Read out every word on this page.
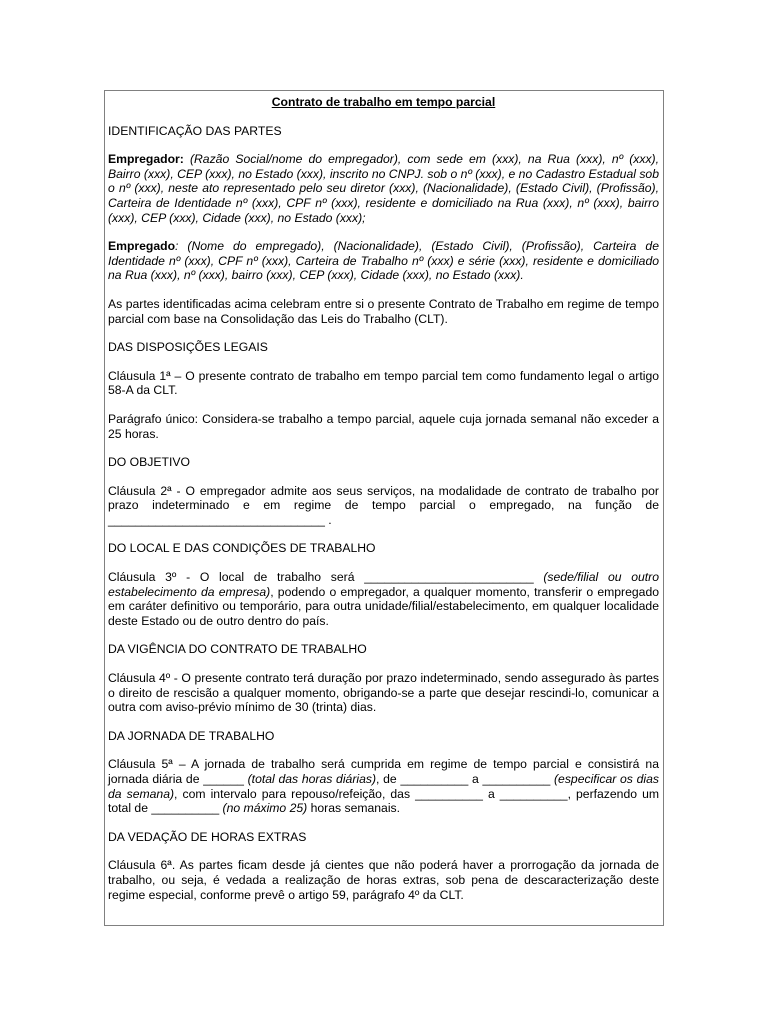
Contrato de trabalho em tempo parcial
IDENTIFICAÇÃO DAS PARTES

Empregador: (Razão Social/nome do empregador), com sede em (xxx), na Rua (xxx), nº (xxx), Bairro (xxx), CEP (xxx), no Estado (xxx), inscrito no CNPJ. sob o nº (xxx), e no Cadastro Estadual sob o nº (xxx), neste ato representado pelo seu diretor (xxx), (Nacionalidade), (Estado Civil), (Profissão), Carteira de Identidade nº (xxx), CPF nº (xxx), residente e domiciliado na Rua (xxx), nº (xxx), bairro (xxx), CEP (xxx), Cidade (xxx), no Estado (xxx);

Empregado: (Nome do empregado), (Nacionalidade), (Estado Civil), (Profissão), Carteira de Identidade nº (xxx), CPF nº (xxx), Carteira de Trabalho nº (xxx) e série (xxx), residente e domiciliado na Rua (xxx), nº (xxx), bairro (xxx), CEP (xxx), Cidade (xxx), no Estado (xxx).

As partes identificadas acima celebram entre si o presente Contrato de Trabalho em regime de tempo parcial com base na Consolidação das Leis do Trabalho (CLT).

DAS DISPOSIÇÕES LEGAIS

Cláusula 1ª – O presente contrato de trabalho em tempo parcial tem como fundamento legal o artigo 58-A da CLT.

Parágrafo único: Considera-se trabalho a tempo parcial, aquele cuja jornada semanal não exceder a 25 horas.

DO OBJETIVO

Cláusula 2ª - O empregador admite aos seus serviços, na modalidade de contrato de trabalho por prazo indeterminado e em regime de tempo parcial o empregado, na função de ________________________________ .

DO LOCAL E DAS CONDIÇÕES DE TRABALHO

Cláusula 3º - O local de trabalho será _________________________ (sede/filial ou outro estabelecimento da empresa), podendo o empregador, a qualquer momento, transferir o empregado em caráter definitivo ou temporário, para outra unidade/filial/estabelecimento, em qualquer localidade deste Estado ou de outro dentro do país.

DA VIGÊNCIA DO CONTRATO DE TRABALHO

Cláusula 4º - O presente contrato terá duração por prazo indeterminado, sendo assegurado às partes o direito de rescisão a qualquer momento, obrigando-se a parte que desejar rescindi-lo, comunicar a outra com aviso-prévio mínimo de 30 (trinta) dias.

DA JORNADA DE TRABALHO

Cláusula 5ª – A jornada de trabalho será cumprida em regime de tempo parcial e consistirá na jornada diária de ______ (total das horas diárias), de __________ a __________ (especificar os dias da semana), com intervalo para repouso/refeição, das __________ a __________, perfazendo um total de __________ (no máximo 25) horas semanais.

DA VEDAÇÃO DE HORAS EXTRAS

Cláusula 6ª. As partes ficam desde já cientes que não poderá haver a prorrogação da jornada de trabalho, ou seja, é vedada a realização de horas extras, sob pena de descaracterização deste regime especial, conforme prevê o artigo 59, parágrafo 4º da CLT.
